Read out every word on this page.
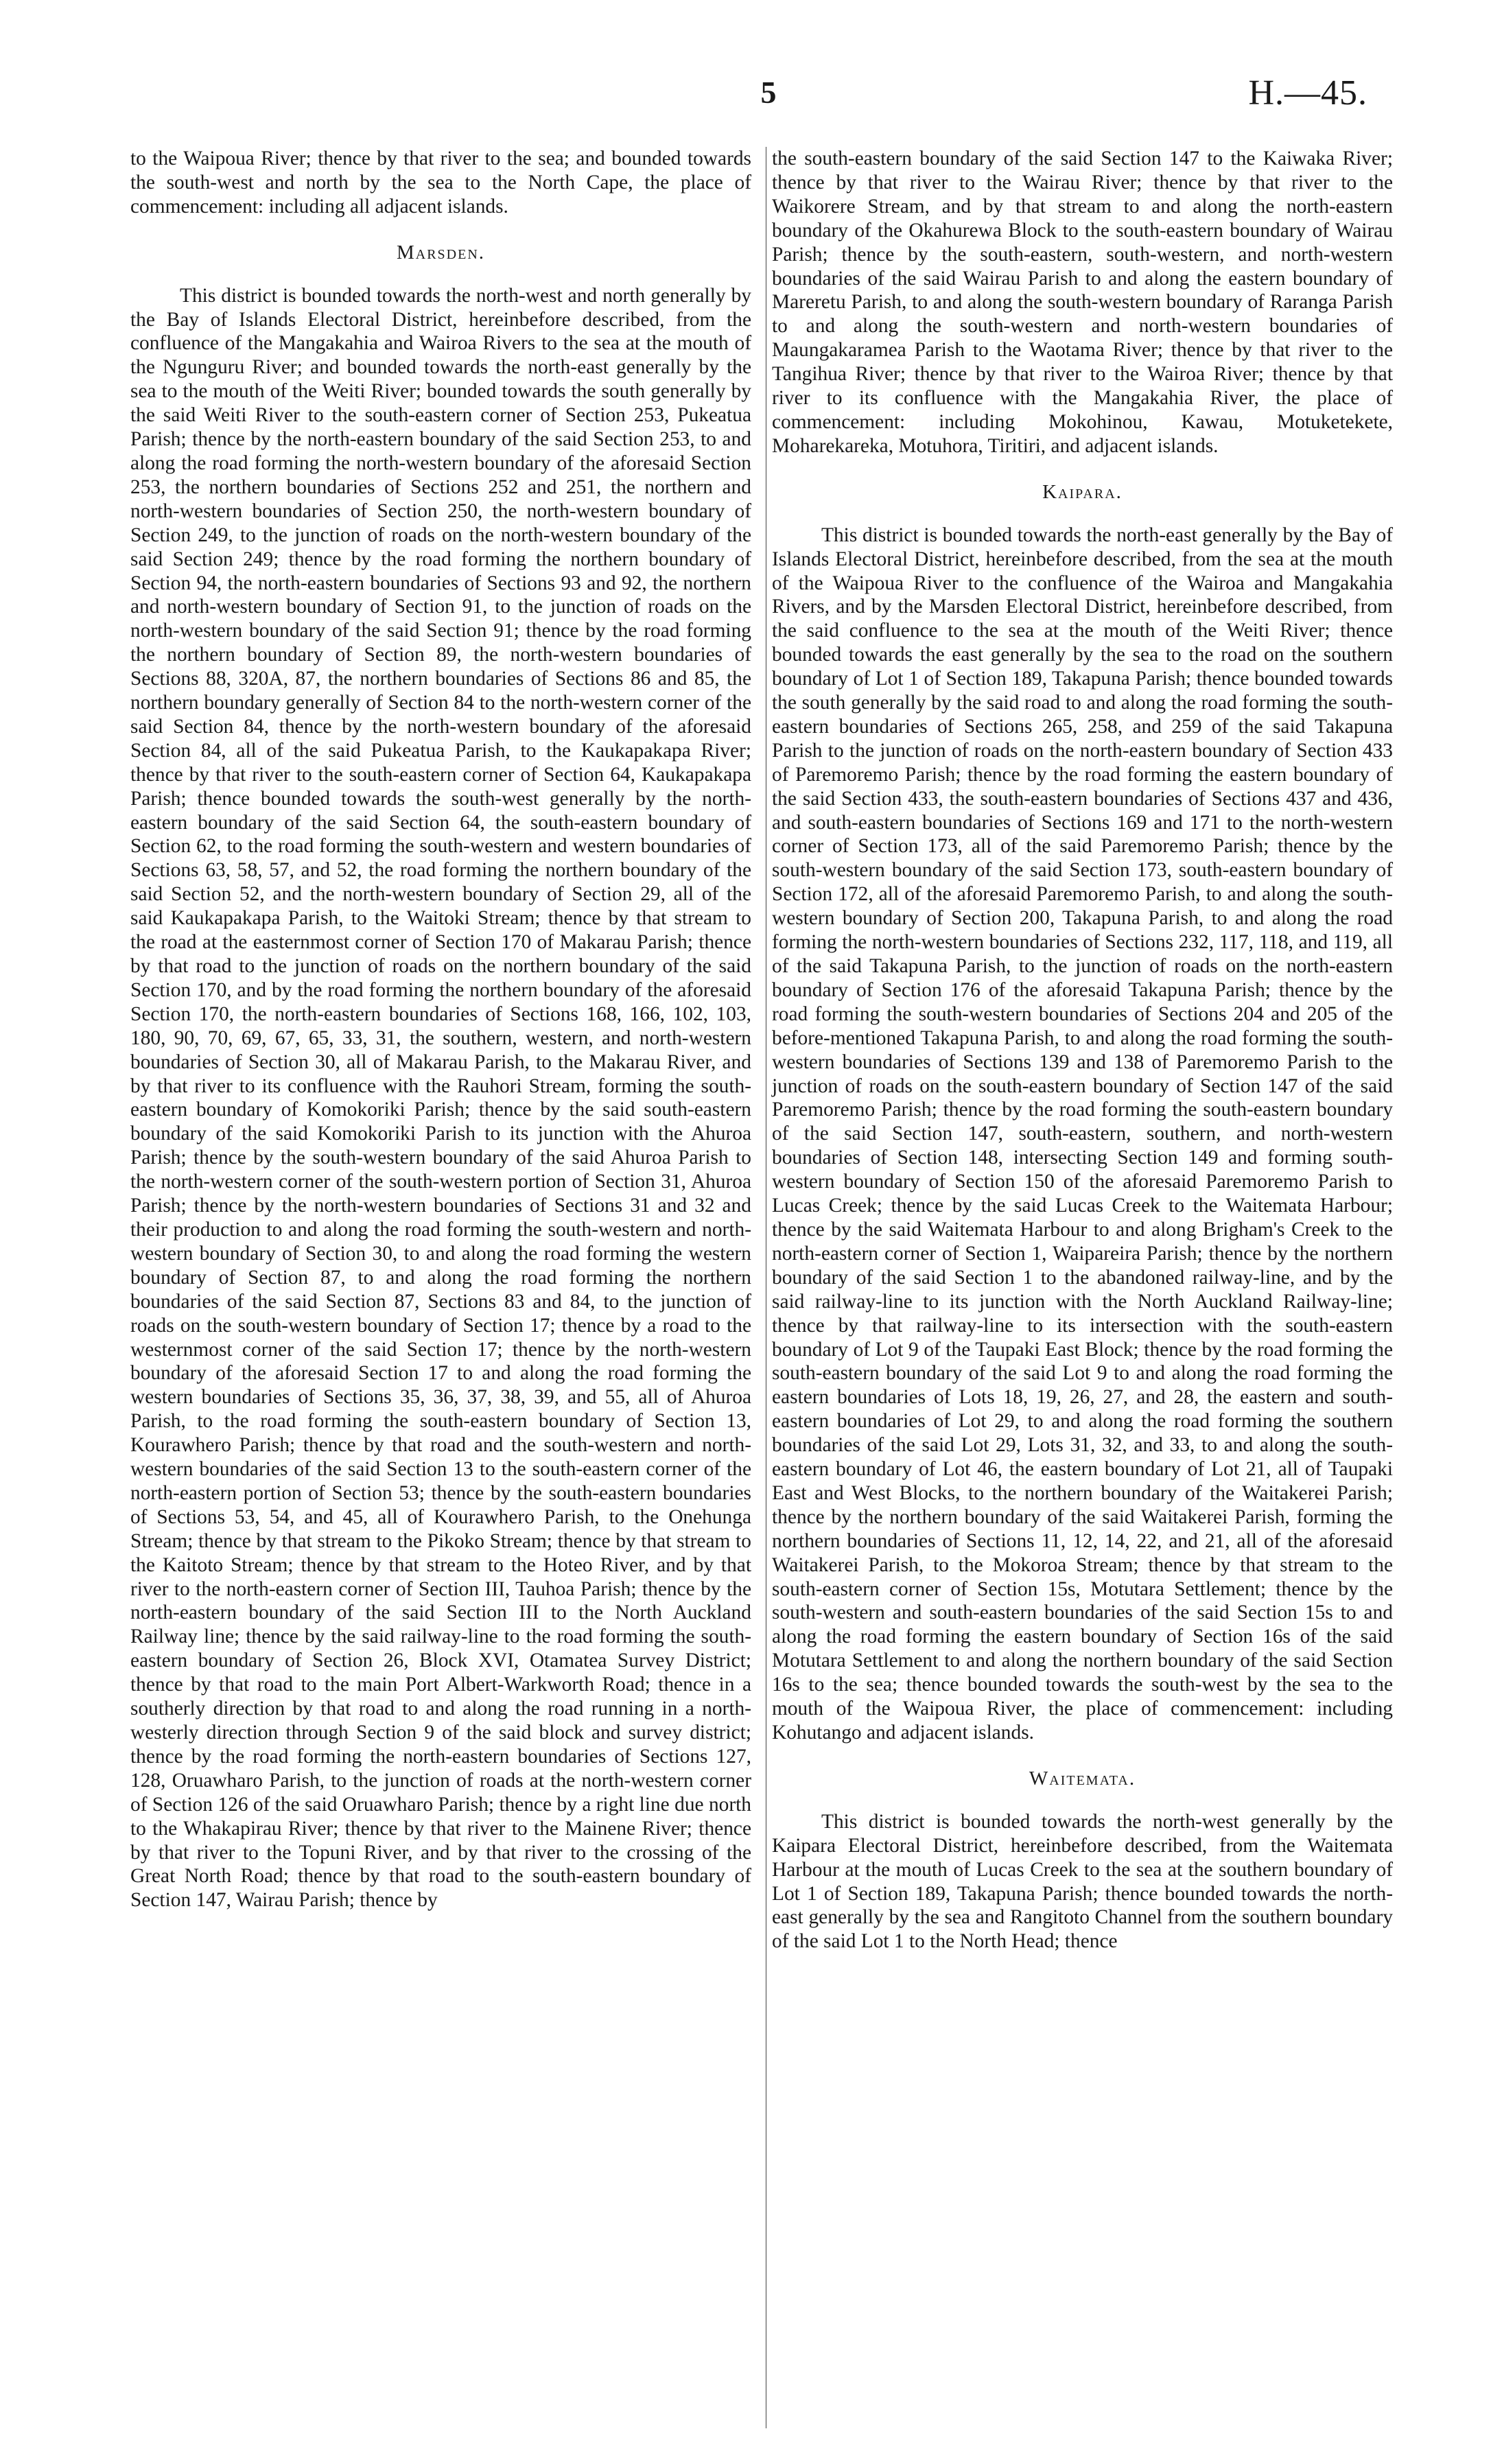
5	H.—45.

to the Waipoua River; thence by that river to the sea; and bounded towards the south-west and north by the sea to the North Cape, the place of commencement: including all adjacent islands.

Marsden.

This district is bounded towards the north-west and north generally by the Bay of Islands Electoral District, hereinbefore described, from the confluence of the Mangakahia and Wairoa Rivers to the sea at the mouth of the Ngunguru River; and bounded towards the north-east generally by the sea to the mouth of the Weiti River; bounded towards the south generally by the said Weiti River to the south-eastern corner of Section 253, Pukeatua Parish; thence by the north-eastern boundary of the said Section 253, to and along the road forming the north-western boundary of the aforesaid Section 253, the northern boundaries of Sections 252 and 251, the northern and north-western boundaries of Section 250, the north-western boundary of Section 249, to the junction of roads on the north-western boundary of the said Section 249; thence by the road forming the northern boundary of Section 94, the north-eastern boundaries of Sections 93 and 92, the northern and north-western boundary of Section 91, to the junction of roads on the north-western boundary of the said Section 91; thence by the road forming the northern boundary of Section 89, the north-western boundaries of Sections 88, 320A, 87, the northern boundaries of Sections 86 and 85, the northern boundary generally of Section 84 to the north-western corner of the said Section 84, thence by the north-western boundary of the aforesaid Section 84, all of the said Pukeatua Parish, to the Kaukapakapa River; thence by that river to the south-eastern corner of Section 64, Kaukapakapa Parish; thence bounded towards the south-west generally by the north-eastern boundary of the said Section 64, the south-eastern boundary of Section 62, to the road forming the south-western and western boundaries of Sections 63, 58, 57, and 52, the road forming the northern boundary of the said Section 52, and the north-western boundary of Section 29, all of the said Kaukapakapa Parish, to the Waitoki Stream; thence by that stream to the road at the easternmost corner of Section 170 of Makarau Parish; thence by that road to the junction of roads on the northern boundary of the said Section 170, and by the road forming the northern boundary of the aforesaid Section 170, the north-eastern boundaries of Sections 168, 166, 102, 103, 180, 90, 70, 69, 67, 65, 33, 31, the southern, western, and north-western boundaries of Section 30, all of Makarau Parish, to the Makarau River, and by that river to its confluence with the Rauhori Stream, forming the south-eastern boundary of Komokoriki Parish; thence by the said south-eastern boundary of the said Komokoriki Parish to its junction with the Ahuroa Parish; thence by the south-western boundary of the said Ahuroa Parish to the north-western corner of the south-western portion of Section 31, Ahuroa Parish; thence by the north-western boundaries of Sections 31 and 32 and their production to and along the road forming the south-western and north-western boundary of Section 30, to and along the road forming the western boundary of Section 87, to and along the road forming the northern boundaries of the said Section 87, Sections 83 and 84, to the junction of roads on the south-western boundary of Section 17; thence by a road to the westernmost corner of the said Section 17; thence by the north-western boundary of the aforesaid Section 17 to and along the road forming the western boundaries of Sections 35, 36, 37, 38, 39, and 55, all of Ahuroa Parish, to the road forming the south-eastern boundary of Section 13, Kourawhero Parish; thence by that road and the south-western and north-western boundaries of the said Section 13 to the south-eastern corner of the north-eastern portion of Section 53; thence by the south-eastern boundaries of Sections 53, 54, and 45, all of Kourawhero Parish, to the Onehunga Stream; thence by that stream to the Pikoko Stream; thence by that stream to the Kaitoto Stream; thence by that stream to the Hoteo River, and by that river to the north-eastern corner of Section III, Tauhoa Parish; thence by the north-eastern boundary of the said Section III to the North Auckland Railway line; thence by the said railway-line to the road forming the south-eastern boundary of Section 26, Block XVI, Otamatea Survey District; thence by that road to the main Port Albert-Warkworth Road; thence in a southerly direction by that road to and along the road running in a north-westerly direction through Section 9 of the said block and survey district; thence by the road forming the north-eastern boundaries of Sections 127, 128, Oruawharo Parish, to the junction of roads at the north-western corner of Section 126 of the said Oruawharo Parish; thence by a right line due north to the Whakapirau River; thence by that river to the Mainene River; thence by that river to the Topuni River, and by that river to the crossing of the Great North Road; thence by that road to the south-eastern boundary of Section 147, Wairau Parish; thence by

the south-eastern boundary of the said Section 147 to the Kaiwaka River; thence by that river to the Wairau River; thence by that river to the Waikorere Stream, and by that stream to and along the north-eastern boundary of the Okahurewa Block to the south-eastern boundary of Wairau Parish; thence by the south-eastern, south-western, and north-western boundaries of the said Wairau Parish to and along the eastern boundary of Mareretu Parish, to and along the south-western boundary of Raranga Parish to and along the south-western and north-western boundaries of Maungakaramea Parish to the Waotama River; thence by that river to the Tangihua River; thence by that river to the Wairoa River; thence by that river to its confluence with the Mangakahia River, the place of commencement: including Mokohinou, Kawau, Motuketekete, Moharekareka, Motuhora, Tiritiri, and adjacent islands.

Kaipara.

This district is bounded towards the north-east generally by the Bay of Islands Electoral District, hereinbefore described, from the sea at the mouth of the Waipoua River to the confluence of the Wairoa and Mangakahia Rivers, and by the Marsden Electoral District, hereinbefore described, from the said confluence to the sea at the mouth of the Weiti River; thence bounded towards the east generally by the sea to the road on the southern boundary of Lot 1 of Section 189, Takapuna Parish; thence bounded towards the south generally by the said road to and along the road forming the south-eastern boundaries of Sections 265, 258, and 259 of the said Takapuna Parish to the junction of roads on the north-eastern boundary of Section 433 of Paremoremo Parish; thence by the road forming the eastern boundary of the said Section 433, the south-eastern boundaries of Sections 437 and 436, and south-eastern boundaries of Sections 169 and 171 to the north-western corner of Section 173, all of the said Paremoremo Parish; thence by the south-western boundary of the said Section 173, south-eastern boundary of Section 172, all of the aforesaid Paremoremo Parish, to and along the south-western boundary of Section 200, Takapuna Parish, to and along the road forming the north-western boundaries of Sections 232, 117, 118, and 119, all of the said Takapuna Parish, to the junction of roads on the north-eastern boundary of Section 176 of the aforesaid Takapuna Parish; thence by the road forming the south-western boundaries of Sections 204 and 205 of the before-mentioned Takapuna Parish, to and along the road forming the south-western boundaries of Sections 139 and 138 of Paremoremo Parish to the junction of roads on the south-eastern boundary of Section 147 of the said Paremoremo Parish; thence by the road forming the south-eastern boundary of the said Section 147, south-eastern, southern, and north-western boundaries of Section 148, intersecting Section 149 and forming south-western boundary of Section 150 of the aforesaid Paremoremo Parish to Lucas Creek; thence by the said Lucas Creek to the Waitemata Harbour; thence by the said Waitemata Harbour to and along Brigham's Creek to the north-eastern corner of Section 1, Waipareira Parish; thence by the northern boundary of the said Section 1 to the abandoned railway-line, and by the said railway-line to its junction with the North Auckland Railway-line; thence by that railway-line to its intersection with the south-eastern boundary of Lot 9 of the Taupaki East Block; thence by the road forming the south-eastern boundary of the said Lot 9 to and along the road forming the eastern boundaries of Lots 18, 19, 26, 27, and 28, the eastern and south-eastern boundaries of Lot 29, to and along the road forming the southern boundaries of the said Lot 29, Lots 31, 32, and 33, to and along the south-eastern boundary of Lot 46, the eastern boundary of Lot 21, all of Taupaki East and West Blocks, to the northern boundary of the Waitakerei Parish; thence by the northern boundary of the said Waitakerei Parish, forming the northern boundaries of Sections 11, 12, 14, 22, and 21, all of the aforesaid Waitakerei Parish, to the Mokoroa Stream; thence by that stream to the south-eastern corner of Section 15s, Motutara Settlement; thence by the south-western and south-eastern boundaries of the said Section 15s to and along the road forming the eastern boundary of Section 16s of the said Motutara Settlement to and along the northern boundary of the said Section 16s to the sea; thence bounded towards the south-west by the sea to the mouth of the Waipoua River, the place of commencement: including Kohutango and adjacent islands.

Waitemata.

This district is bounded towards the north-west generally by the Kaipara Electoral District, hereinbefore described, from the Waitemata Harbour at the mouth of Lucas Creek to the sea at the southern boundary of Lot 1 of Section 189, Takapuna Parish; thence bounded towards the north-east generally by the sea and Rangitoto Channel from the southern boundary of the said Lot 1 to the North Head; thence
